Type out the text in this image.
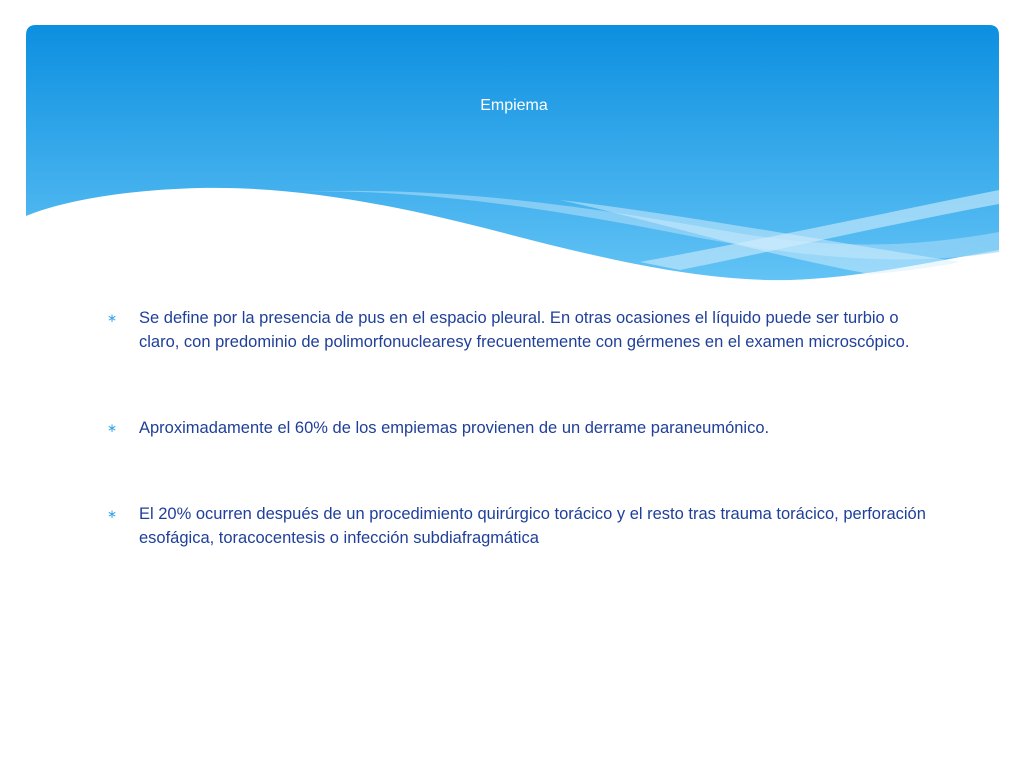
Empiema
∗ Se define por la presencia de pus en el espacio pleural. En otras ocasiones el líquido puede ser turbio o claro, con predominio de polimorfonuclearesy frecuentemente con gérmenes en el examen microscópico.
∗ Aproximadamente el 60% de los empiemas provienen de un derrame paraneumónico.
∗ El 20% ocurren después de un procedimiento quirúrgico torácico y el resto tras trauma torácico, perforación esofágica, toracocentesis o infección subdiafragmática
